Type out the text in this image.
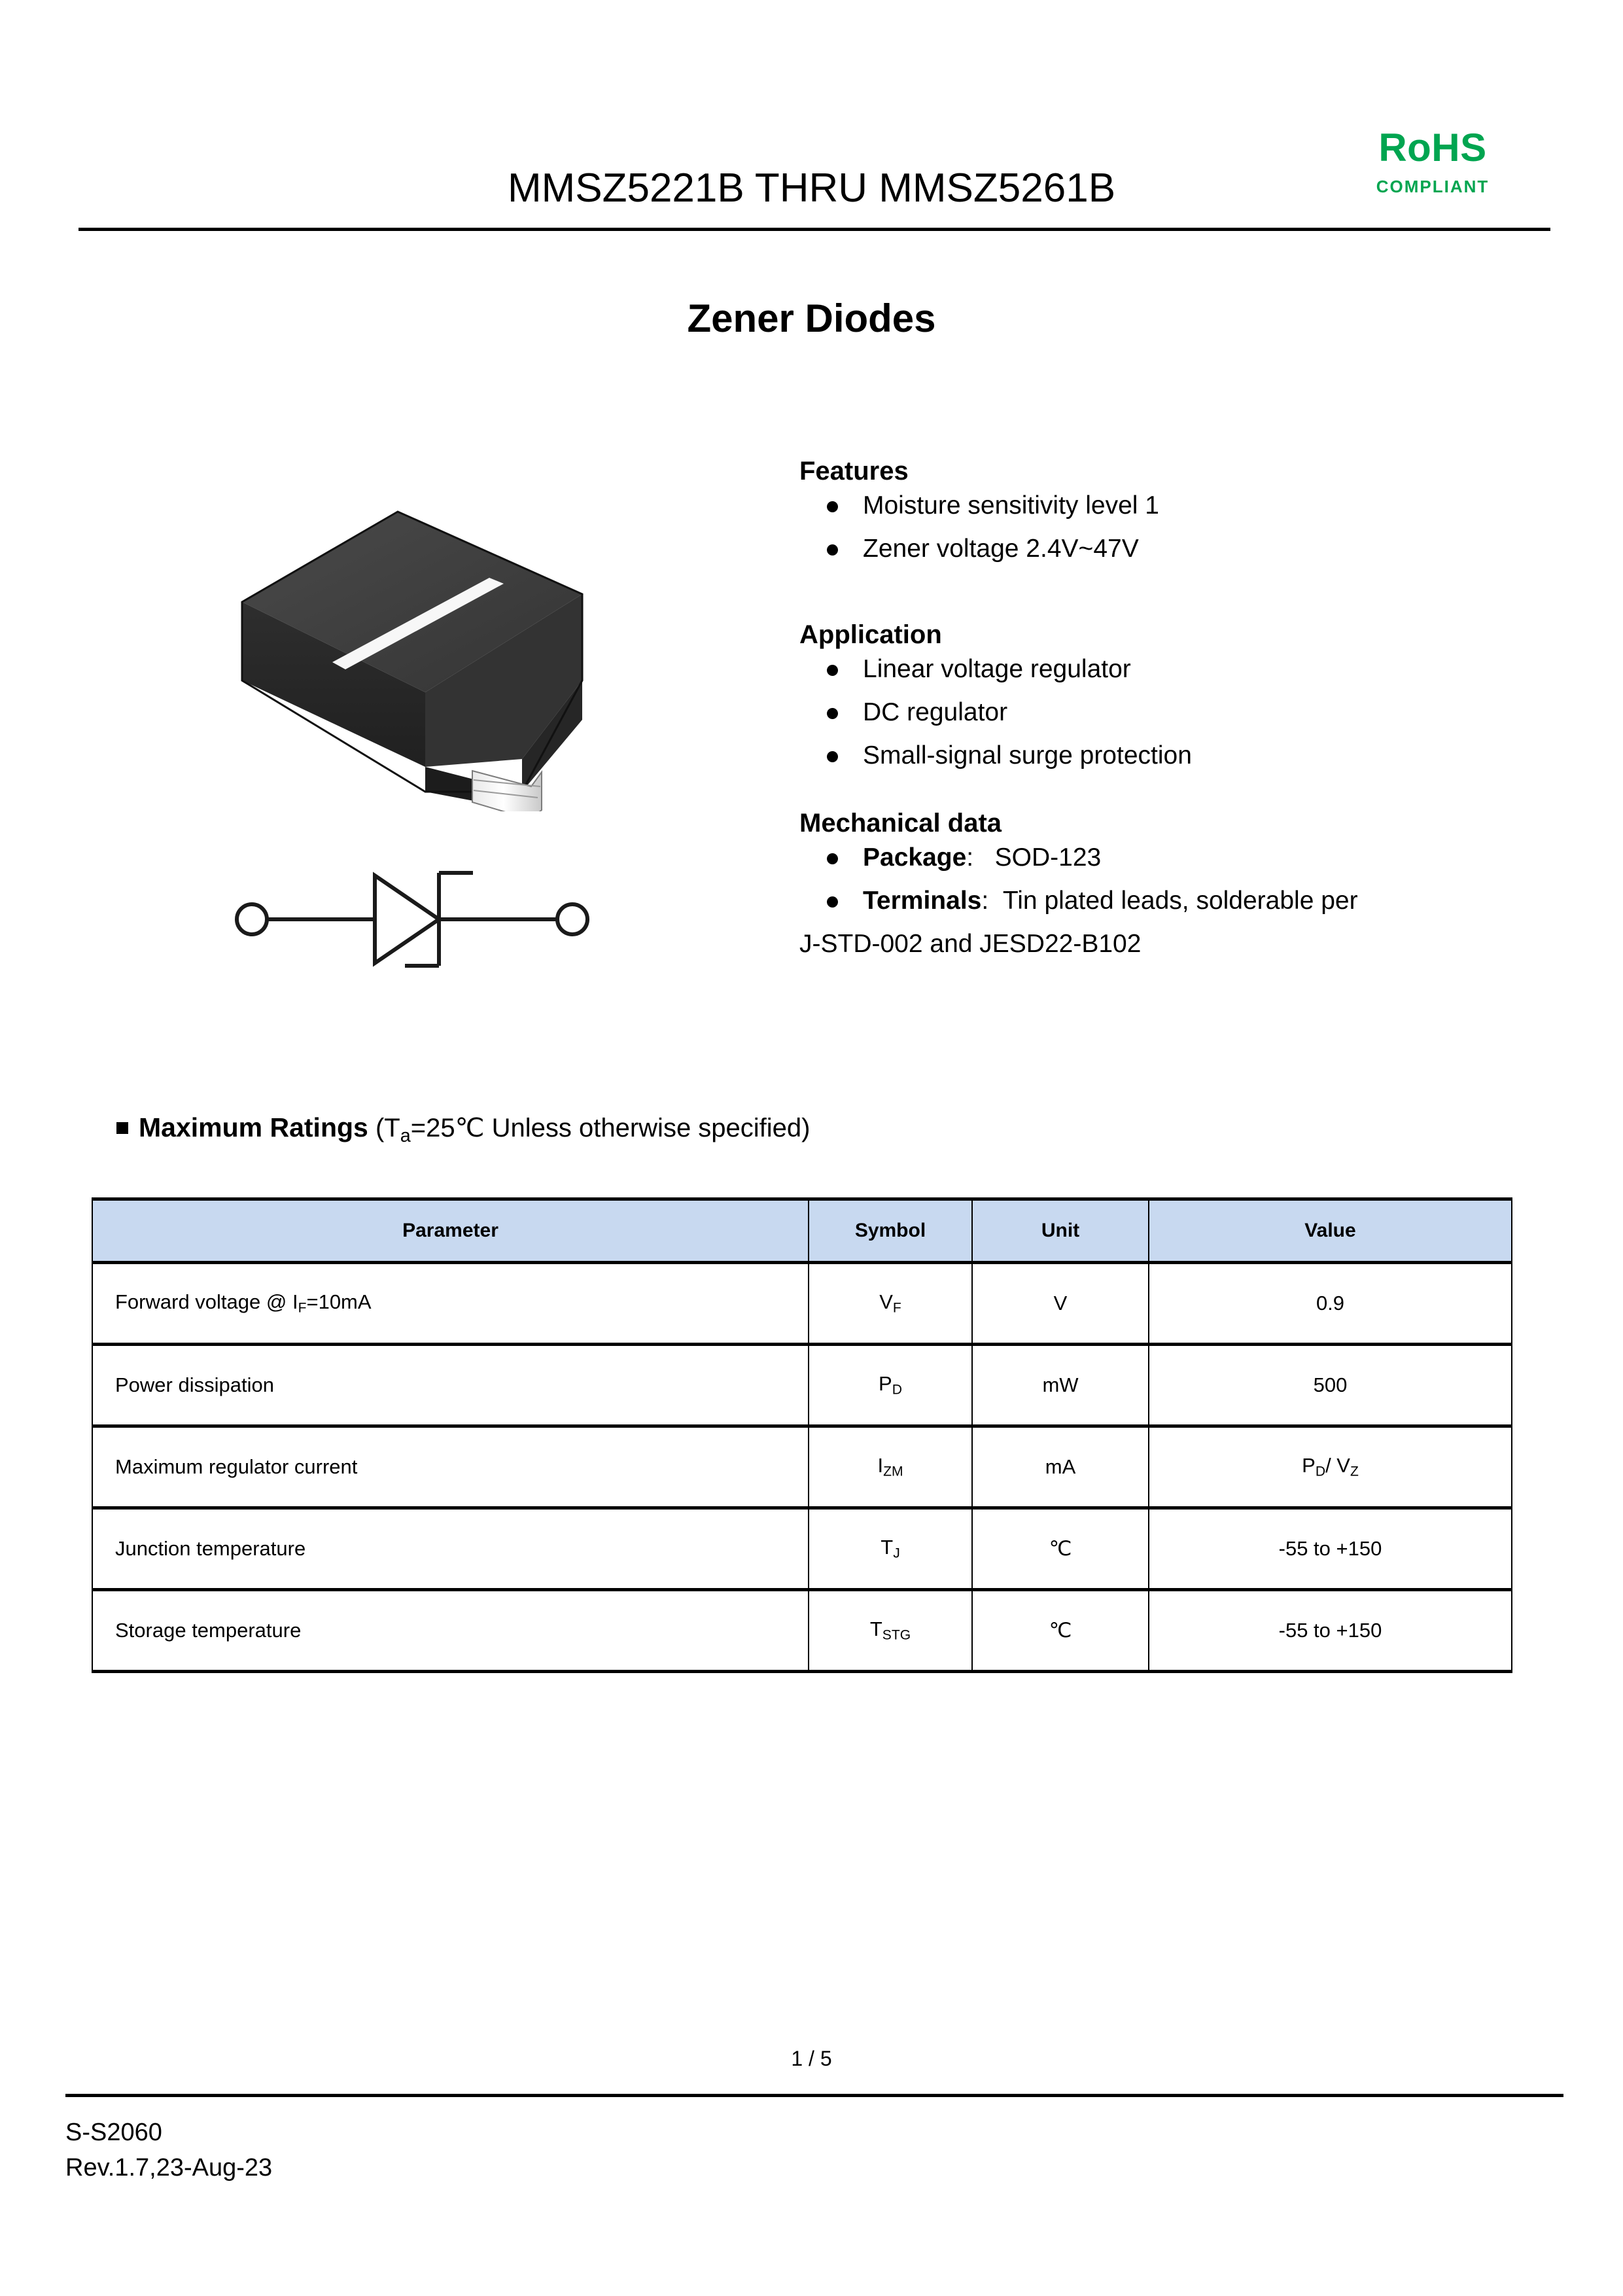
MMSZ5221B THRU MMSZ5261B
RoHS
COMPLIANT
Zener Diodes
Features
Moisture sensitivity level 1
Zener voltage 2.4V~47V
Application
Linear voltage regulator
DC regulator
Small-signal surge protection
Mechanical data
Package: SOD-123
Terminals: Tin plated leads, solderable per
J-STD-002 and JESD22-B102
Maximum Ratings ($T_a=25℃$ Unless otherwise specified)
Parameter	Symbol	Unit	Value
Forward voltage @ $I_F=10mA$	$V_F$	V	0.9
Power dissipation	$P_D$	mW	500
Maximum regulator current	$I_{ZM}$	mA	$P_D/$ $V_Z$
Junction temperature	$T_J$	℃	-55 to +150
Storage temperature	$T_{STG}$	℃	-55 to +150
1 / 5
S-S2060
Rev.1.7,23-Aug-23
